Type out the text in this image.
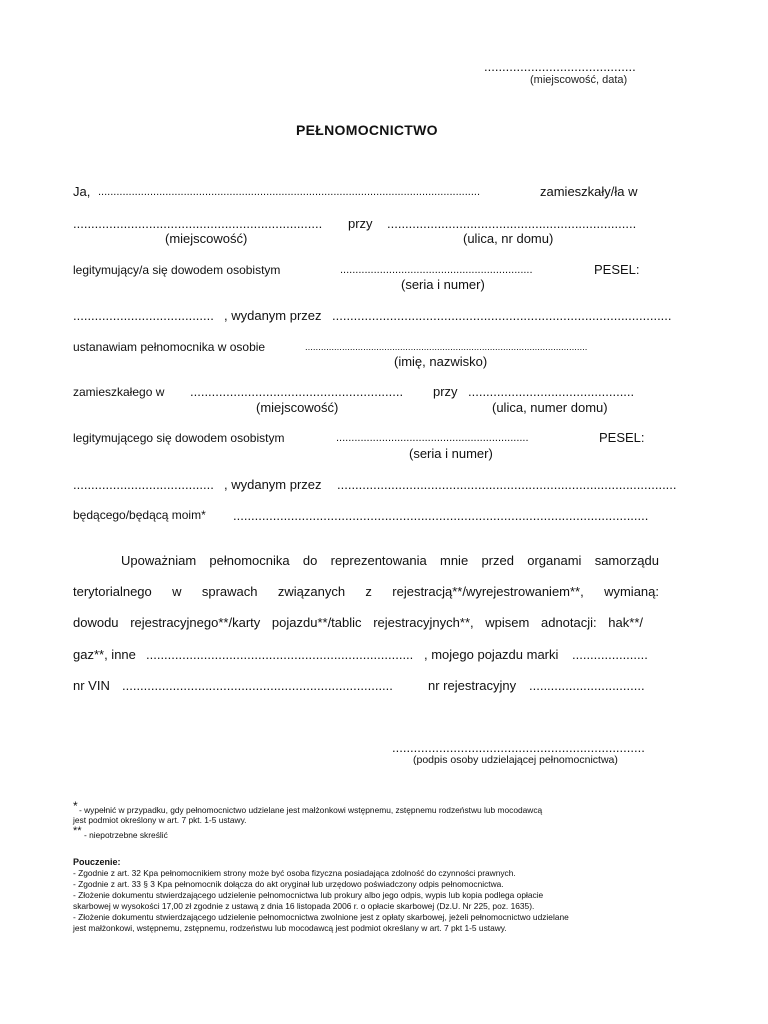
..........................................
(miejscowość, data)
PEŁNOMOCNICTWO
Ja, .............................................................................................................................	zamieszkały/ła w
..................................................................... przy .....................................................................
(miejscowość)	(ulica, nr domu)
legitymujący/a się dowodem osobistym	...............................................................	PESEL:
(seria i numer)
....................................... , wydanym przez ..............................................................................................
ustanawiam pełnomocnika w osobie	...........................................................................................................
(imię, nazwisko)
zamieszkałego w ........................................................... przy ..............................................
(miejscowość)	(ulica, numer domu)
legitymującego się dowodem osobistym	...............................................................	PESEL:
(seria i numer)
....................................... , wydanym przez ..............................................................................................
będącego/będącą moim* ...................................................................................................................
Upoważniam pełnomocnika do reprezentowania mnie przed organami samorządu
terytorialnego w sprawach związanych z rejestracją**/wyrejestrowaniem**, wymianą:
dowodu rejestracyjnego**/karty pojazdu**/tablic rejestracyjnych**, wpisem adnotacji: hak**/
gaz**, inne .......................................................................... , mojego pojazdu marki .....................
nr VIN ...........................................................................	nr rejestracyjny ................................
......................................................................
(podpis osoby udzielającej pełnomocnictwa)
* - wypełnić w przypadku, gdy pełnomocnictwo udzielane jest małżonkowi wstępnemu, zstępnemu rodzeństwu lub mocodawcą
jest podmiot określony w art. 7 pkt. 1-5 ustawy.
** - niepotrzebne skreślić
Pouczenie:
- Zgodnie z art. 32 Kpa pełnomocnikiem strony może być osoba fizyczna posiadająca zdolność do czynności prawnych.
- Zgodnie z art. 33 § 3 Kpa pełnomocnik dołącza do akt oryginał lub urzędowo poświadczony odpis pełnomocnictwa.
- Złożenie dokumentu stwierdzającego udzielenie pełnomocnictwa lub prokury albo jego odpis, wypis lub kopia podlega opłacie
skarbowej w wysokości 17,00 zł zgodnie z ustawą z dnia 16 listopada 2006 r. o opłacie skarbowej (Dz.U. Nr 225, poz. 1635).
- Złożenie dokumentu stwierdzającego udzielenie pełnomocnictwa zwolnione jest z opłaty skarbowej, jeżeli pełnomocnictwo udzielane
jest małżonkowi, wstępnemu, zstępnemu, rodzeństwu lub mocodawcą jest podmiot określany w art. 7 pkt 1-5 ustawy.
